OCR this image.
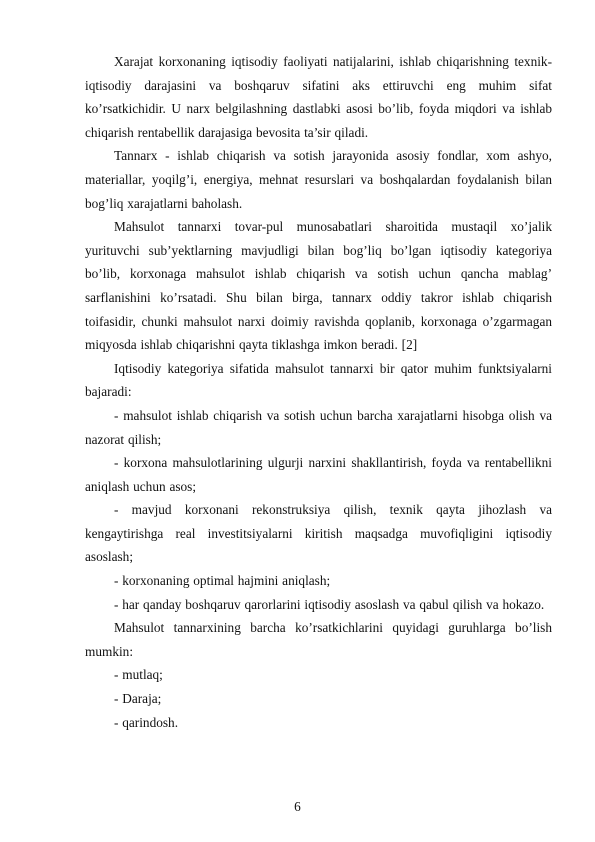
Xarajat korxonaning iqtisodiy faoliyati natijalarini, ishlab chiqarishning texnik-iqtisodiy darajasini va boshqaruv sifatini aks ettiruvchi eng muhim sifat ko’rsatkichidir. U narx belgilashning dastlabki asosi bo’lib, foyda miqdori va ishlab chiqarish rentabellik darajasiga bevosita ta’sir qiladi.

Tannarx - ishlab chiqarish va sotish jarayonida asosiy fondlar, xom ashyo, materiallar, yoqilg’i, energiya, mehnat resurslari va boshqalardan foydalanish bilan bog’liq xarajatlarni baholash.

Mahsulot tannarxi tovar-pul munosabatlari sharoitida mustaqil xo’jalik yurituvchi sub’yektlarning mavjudligi bilan bog’liq bo’lgan iqtisodiy kategoriya bo’lib, korxonaga mahsulot ishlab chiqarish va sotish uchun qancha mablag’ sarflanishini ko’rsatadi. Shu bilan birga, tannarx oddiy takror ishlab chiqarish toifasidir, chunki mahsulot narxi doimiy ravishda qoplanib, korxonaga o’zgarmagan miqyosda ishlab chiqarishni qayta tiklashga imkon beradi. [2]

Iqtisodiy kategoriya sifatida mahsulot tannarxi bir qator muhim funktsiyalarni bajaradi:

- mahsulot ishlab chiqarish va sotish uchun barcha xarajatlarni hisobga olish va nazorat qilish;

- korxona mahsulotlarining ulgurji narxini shakllantirish, foyda va rentabellikni aniqlash uchun asos;

- mavjud korxonani rekonstruksiya qilish, texnik qayta jihozlash va kengaytirishga real investitsiyalarni kiritish maqsadga muvofiqligini iqtisodiy asoslash;

- korxonaning optimal hajmini aniqlash;

- har qanday boshqaruv qarorlarini iqtisodiy asoslash va qabul qilish va hokazo.

Mahsulot tannarxining barcha ko’rsatkichlarini quyidagi guruhlarga bo’lish mumkin:

- mutlaq;

- Daraja;

- qarindosh.

6
